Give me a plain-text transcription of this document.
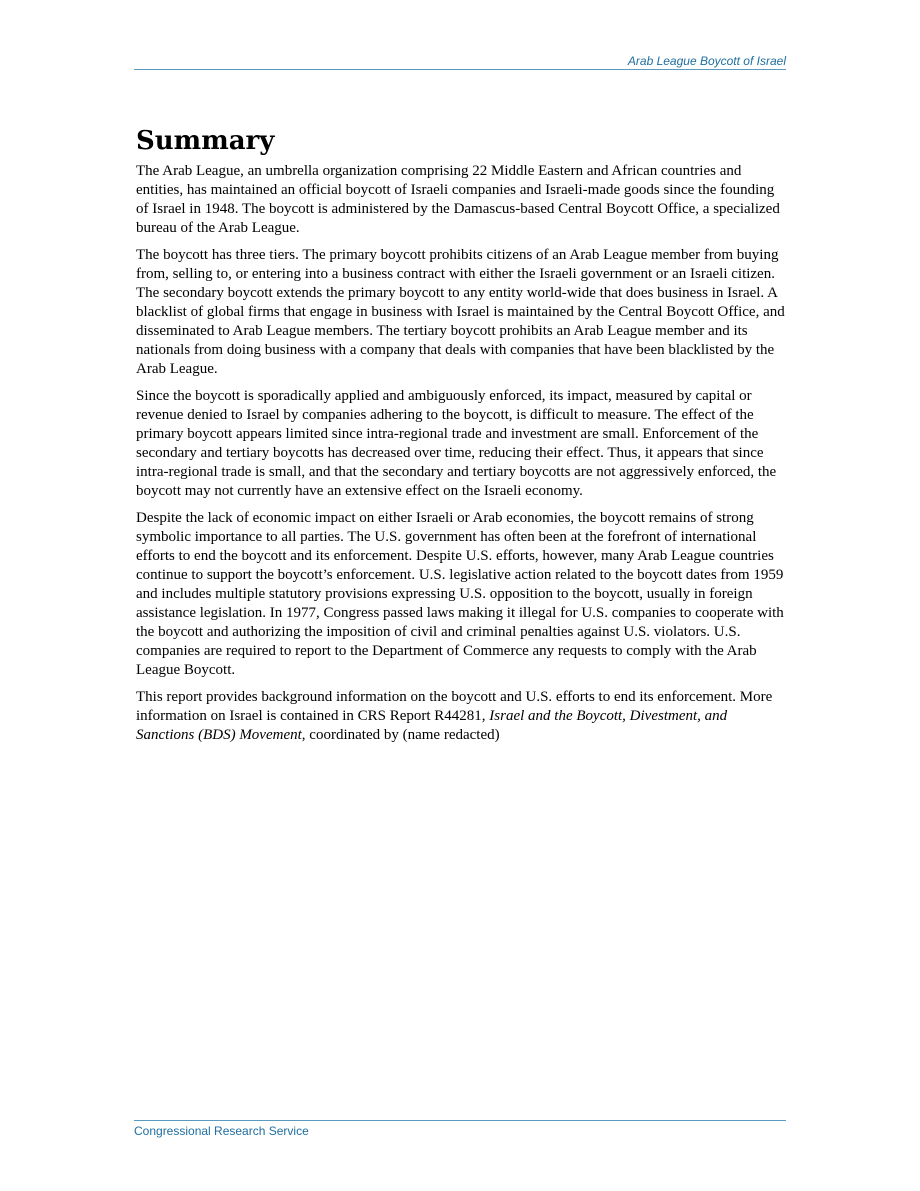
Arab League Boycott of Israel
Summary

The Arab League, an umbrella organization comprising 22 Middle Eastern and African countries and entities, has maintained an official boycott of Israeli companies and Israeli-made goods since the founding of Israel in 1948. The boycott is administered by the Damascus-based Central Boycott Office, a specialized bureau of the Arab League.

The boycott has three tiers. The primary boycott prohibits citizens of an Arab League member from buying from, selling to, or entering into a business contract with either the Israeli government or an Israeli citizen. The secondary boycott extends the primary boycott to any entity world-wide that does business in Israel. A blacklist of global firms that engage in business with Israel is maintained by the Central Boycott Office, and disseminated to Arab League members. The tertiary boycott prohibits an Arab League member and its nationals from doing business with a company that deals with companies that have been blacklisted by the Arab League.

Since the boycott is sporadically applied and ambiguously enforced, its impact, measured by capital or revenue denied to Israel by companies adhering to the boycott, is difficult to measure. The effect of the primary boycott appears limited since intra-regional trade and investment are small. Enforcement of the secondary and tertiary boycotts has decreased over time, reducing their effect. Thus, it appears that since intra-regional trade is small, and that the secondary and tertiary boycotts are not aggressively enforced, the boycott may not currently have an extensive effect on the Israeli economy.

Despite the lack of economic impact on either Israeli or Arab economies, the boycott remains of strong symbolic importance to all parties. The U.S. government has often been at the forefront of international efforts to end the boycott and its enforcement. Despite U.S. efforts, however, many Arab League countries continue to support the boycott’s enforcement. U.S. legislative action related to the boycott dates from 1959 and includes multiple statutory provisions expressing U.S. opposition to the boycott, usually in foreign assistance legislation. In 1977, Congress passed laws making it illegal for U.S. companies to cooperate with the boycott and authorizing the imposition of civil and criminal penalties against U.S. violators. U.S. companies are required to report to the Department of Commerce any requests to comply with the Arab League Boycott.

This report provides background information on the boycott and U.S. efforts to end its enforcement. More information on Israel is contained in CRS Report R44281, Israel and the Boycott, Divestment, and Sanctions (BDS) Movement, coordinated by (name redacted)

Congressional Research Service
